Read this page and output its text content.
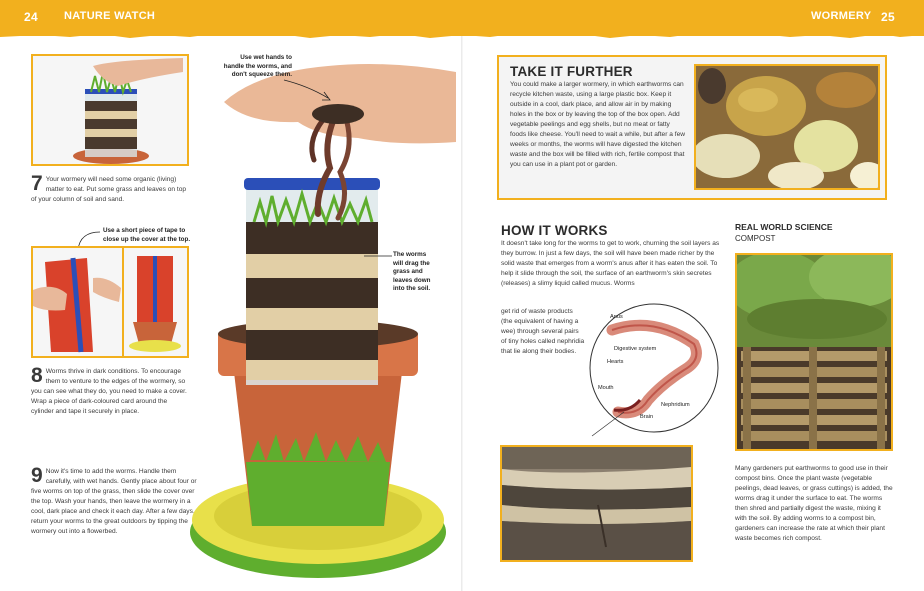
24 NATURE WATCH	WORMERY 25
7 Your wormery will need some organic (living) matter to eat. Put some grass and leaves on top of your column of soil and sand.
Use a short piece of tape to close up the cover at the top.
8 Worms thrive in dark conditions. To encourage them to venture to the edges of the wormery, so you can see what they do, you need to make a cover. Wrap a piece of dark-coloured card around the cylinder and tape it securely in place.
9 Now it's time to add the worms. Handle them carefully, with wet hands. Gently place about four or five worms on top of the grass, then slide the cover over the top. Wash your hands, then leave the wormery in a cool, dark place and check it each day. After a few days, return your worms to the great outdoors by tipping the wormery out into a flowerbed.
Use wet hands to handle the worms, and don't squeeze them.
The worms will drag the grass and leaves down into the soil.
TAKE IT FURTHER
You could make a larger wormery, in which earthworms can recycle kitchen waste, using a large plastic box. Keep it outside in a cool, dark place, and allow air in by making holes in the box or by leaving the top of the box open. Add vegetable peelings and egg shells, but no meat or fatty foods like cheese. You'll need to wait a while, but after a few weeks or months, the worms will have digested the kitchen waste and the box will be filled with rich, fertile compost that you can use in a plant pot or garden.
HOW IT WORKS
It doesn't take long for the worms to get to work, churning the soil layers as they burrow. In just a few days, the soil will have been made richer by the solid waste that emerges from a worm's anus after it has eaten the soil. To help it slide through the soil, the surface of an earthworm's skin secretes (releases) a slimy liquid called mucus. Worms
get rid of waste products (the equivalent of having a wee) through several pairs of tiny holes called nephridia that lie along their bodies.
Anus
Digestive system
Hearts
Mouth
Nephridium
Brain
REAL WORLD SCIENCE
COMPOST
Many gardeners put earthworms to good use in their compost bins. Once the plant waste (vegetable peelings, dead leaves, or grass cuttings) is added, the worms drag it under the surface to eat. The worms then shred and partially digest the waste, mixing it with the soil. By adding worms to a compost bin, gardeners can increase the rate at which their plant waste becomes rich compost.
